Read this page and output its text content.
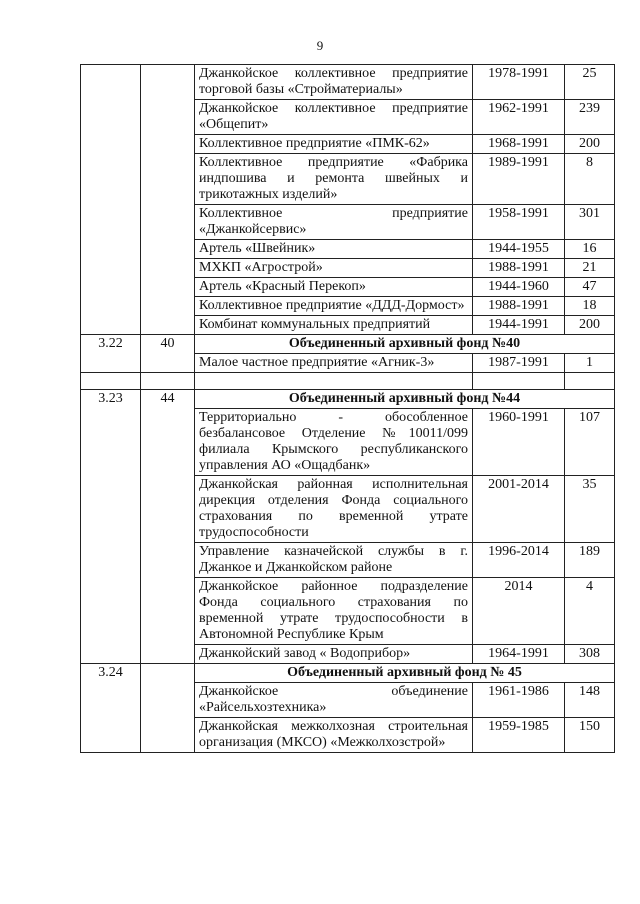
9
		Джанкойское коллективное предприятие торговой базы «Стройматериалы»	1978-1991	25
		Джанкойское коллективное предприятие «Общепит»	1962-1991	239
		Коллективное предприятие «ПМК-62»	1968-1991	200
		Коллективное предприятие «Фабрика индпошива и ремонта швейных и трикотажных изделий»	1989-1991	8
		Коллективное предприятие «Джанкойсервис»	1958-1991	301
		Артель «Швейник»	1944-1955	16
		МХКП «Агрострой»	1988-1991	21
		Артель «Красный Перекоп»	1944-1960	47
		Коллективное предприятие «ДДД-Дормост»	1988-1991	18
		Комбинат коммунальных предприятий	1944-1991	200
3.22	40	Объединенный архивный фонд №40		
		Малое частное предприятие «Агник-3»	1987-1991	1

3.23	44	Объединенный архивный фонд №44		
		Территориально - обособленное безбалансовое Отделение №10011/099 филиала Крымского республиканского управления АО «Ощадбанк»	1960-1991	107
		Джанкойская районная исполнительная дирекция отделения Фонда социального страхования по временной утрате трудоспособности	2001-2014	35
		Управление казначейской службы в г. Джанкое и Джанкойском районе	1996-2014	189
		Джанкойское районное подразделение Фонда социального страхования по временной утрате трудоспособности в Автономной Республике Крым	2014	4
		Джанкойский завод « Водоприбор»	1964-1991	308
3.24		Объединенный архивный фонд № 45		
		Джанкойское объединение «Райсельхозтехника»	1961-1986	148
		Джанкойская межколхозная строительная организация (МКСО) «Межколхозстрой»	1959-1985	150
